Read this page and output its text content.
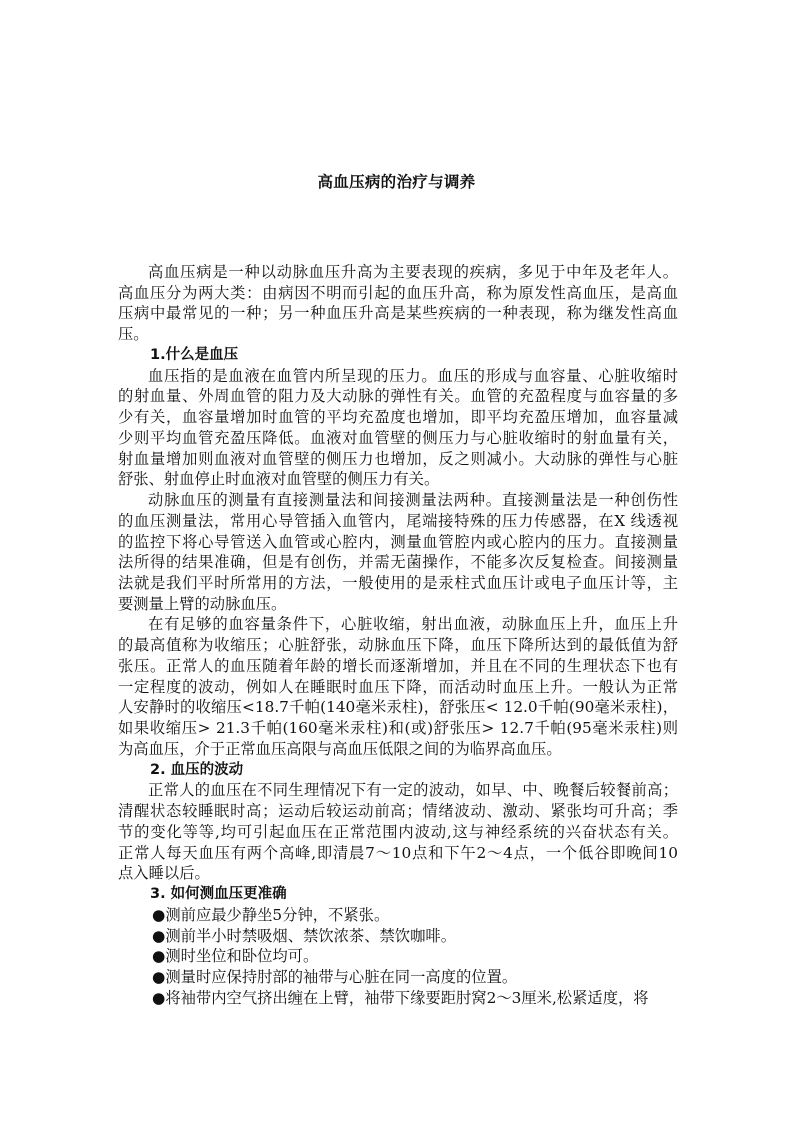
高血压病的治疗与调养
高血压病是一种以动脉血压升高为主要表现的疾病，多见于中年及老年人。
高血压分为两大类：由病因不明而引起的血压升高，称为原发性高血压，是高血
压病中最常见的一种；另一种血压升高是某些疾病的一种表现，称为继发性高血
压。
1.什么是血压
血压指的是血液在血管内所呈现的压力。血压的形成与血容量、心脏收缩时
的射血量、外周血管的阻力及大动脉的弹性有关。血管的充盈程度与血容量的多
少有关，血容量增加时血管的平均充盈度也增加，即平均充盈压增加，血容量减
少则平均血管充盈压降低。血液对血管壁的侧压力与心脏收缩时的射血量有关，
射血量增加则血液对血管壁的侧压力也增加，反之则减小。大动脉的弹性与心脏
舒张、射血停止时血液对血管壁的侧压力有关。
动脉血压的测量有直接测量法和间接测量法两种。直接测量法是一种创伤性
的血压测量法，常用心导管插入血管内，尾端接特殊的压力传感器，在X 线透视
的监控下将心导管送入血管或心腔内，测量血管腔内或心腔内的压力。直接测量
法所得的结果准确，但是有创伤，并需无菌操作，不能多次反复检查。间接测量
法就是我们平时所常用的方法，一般使用的是汞柱式血压计或电子血压计等，主
要测量上臂的动脉血压。
在有足够的血容量条件下，心脏收缩，射出血液，动脉血压上升，血压上升
的最高值称为收缩压；心脏舒张，动脉血压下降，血压下降所达到的最低值为舒
张压。正常人的血压随着年龄的增长而逐渐增加，并且在不同的生理状态下也有
一定程度的波动，例如人在睡眠时血压下降，而活动时血压上升。一般认为正常
人安静时的收缩压<18.7千帕(140毫米汞柱)，舒张压< 12.0千帕(90毫米汞柱)，
如果收缩压> 21.3千帕(160毫米汞柱)和(或)舒张压> 12.7千帕(95毫米汞柱)则
为高血压，介于正常血压高限与高血压低限之间的为临界高血压。
2. 血压的波动
正常人的血压在不同生理情况下有一定的波动，如早、中、晚餐后较餐前高；
清醒状态较睡眠时高；运动后较运动前高；情绪波动、激动、紧张均可升高；季
节的变化等等,均可引起血压在正常范围内波动,这与神经系统的兴奋状态有关。
正常人每天血压有两个高峰,即清晨7～10点和下午2～4点，一个低谷即晚间10
点入睡以后。
3. 如何测血压更准确
●测前应最少静坐5分钟，不紧张。
●测前半小时禁吸烟、禁饮浓茶、禁饮咖啡。
●测时坐位和卧位均可。
●测量时应保持肘部的袖带与心脏在同一高度的位置。
●将袖带内空气挤出缠在上臂，袖带下缘要距肘窝2～3厘米,松紧适度，将
